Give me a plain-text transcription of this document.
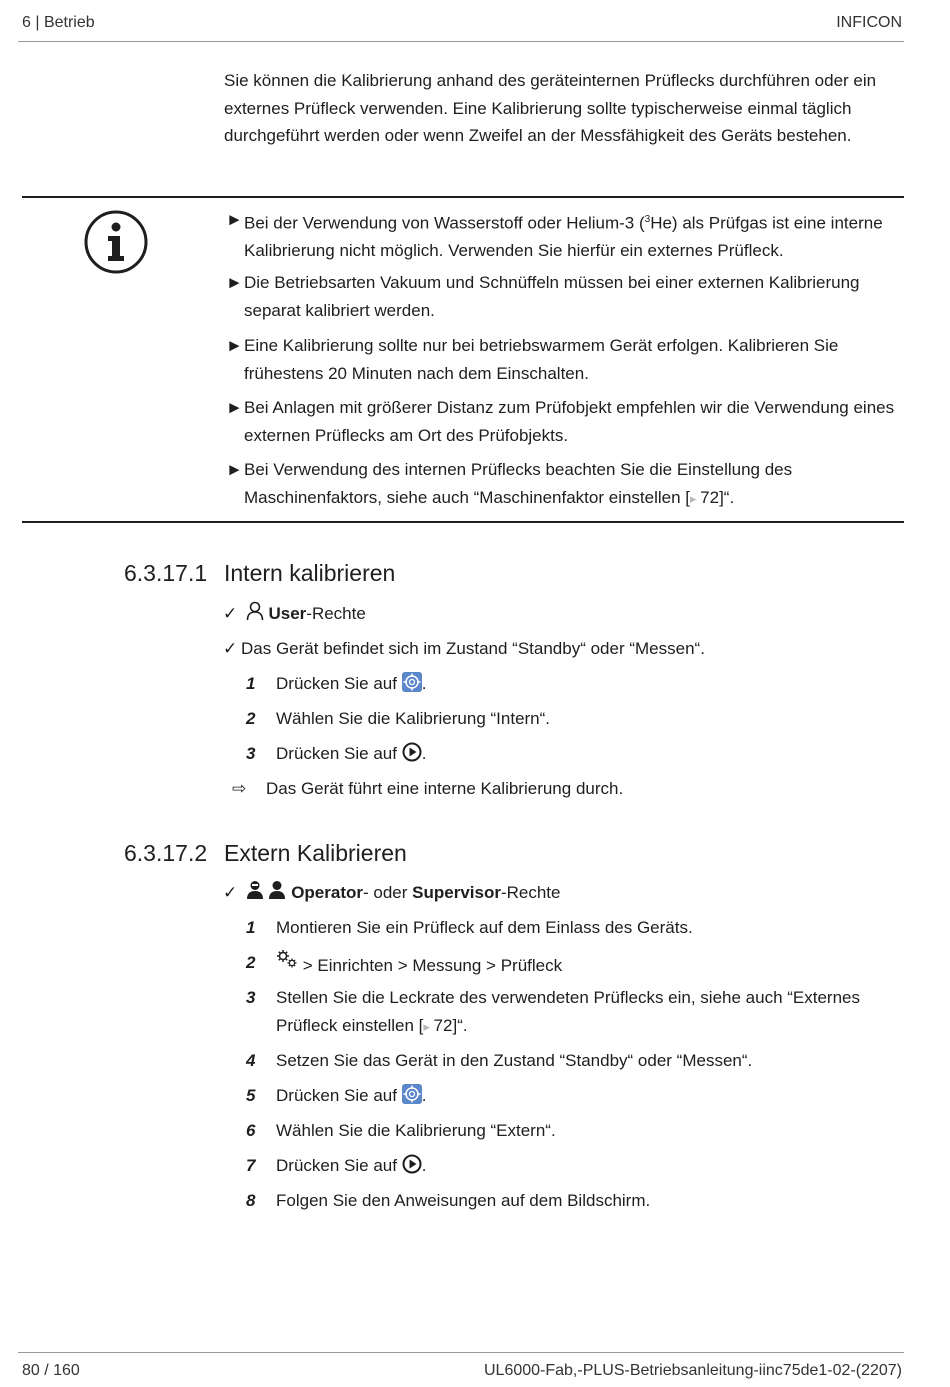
6 | Betrieb	INFICON
Sie können die Kalibrierung anhand des geräteinternen Prüflecks durchführen oder ein externes Prüfleck verwenden. Eine Kalibrierung sollte typischerweise einmal täglich durchgeführt werden oder wenn Zweifel an der Messfähigkeit des Geräts bestehen.
► Bei der Verwendung von Wasserstoff oder Helium-3 ($^3$He) als Prüfgas ist eine interne Kalibrierung nicht möglich. Verwenden Sie hierfür ein externes Prüfleck.
► Die Betriebsarten Vakuum und Schnüffeln müssen bei einer externen Kalibrierung separat kalibriert werden.
► Eine Kalibrierung sollte nur bei betriebswarmem Gerät erfolgen. Kalibrieren Sie frühestens 20 Minuten nach dem Einschalten.
► Bei Anlagen mit größerer Distanz zum Prüfobjekt empfehlen wir die Verwendung eines externen Prüflecks am Ort des Prüfobjekts.
► Bei Verwendung des internen Prüflecks beachten Sie die Einstellung des Maschinenfaktors, siehe auch “Maschinenfaktor einstellen [▸ 72]“.
6.3.17.1 Intern kalibrieren
✓ User-Rechte
✓ Das Gerät befindet sich im Zustand “Standby“ oder “Messen“.
1 Drücken Sie auf .
2 Wählen Sie die Kalibrierung “Intern“.
3 Drücken Sie auf .
⇨ Das Gerät führt eine interne Kalibrierung durch.
6.3.17.2 Extern Kalibrieren
✓	Operator- oder Supervisor-Rechte
1 Montieren Sie ein Prüfleck auf dem Einlass des Geräts.
2	> Einrichten > Messung > Prüfleck
3 Stellen Sie die Leckrate des verwendeten Prüflecks ein, siehe auch “Externes Prüfleck einstellen [▸ 72]“.
4 Setzen Sie das Gerät in den Zustand “Standby“ oder “Messen“.
5 Drücken Sie auf .
6 Wählen Sie die Kalibrierung “Extern“.
7 Drücken Sie auf .
8 Folgen Sie den Anweisungen auf dem Bildschirm.
80 / 160	UL6000-Fab,-PLUS-Betriebsanleitung-iinc75de1-02-(2207)
